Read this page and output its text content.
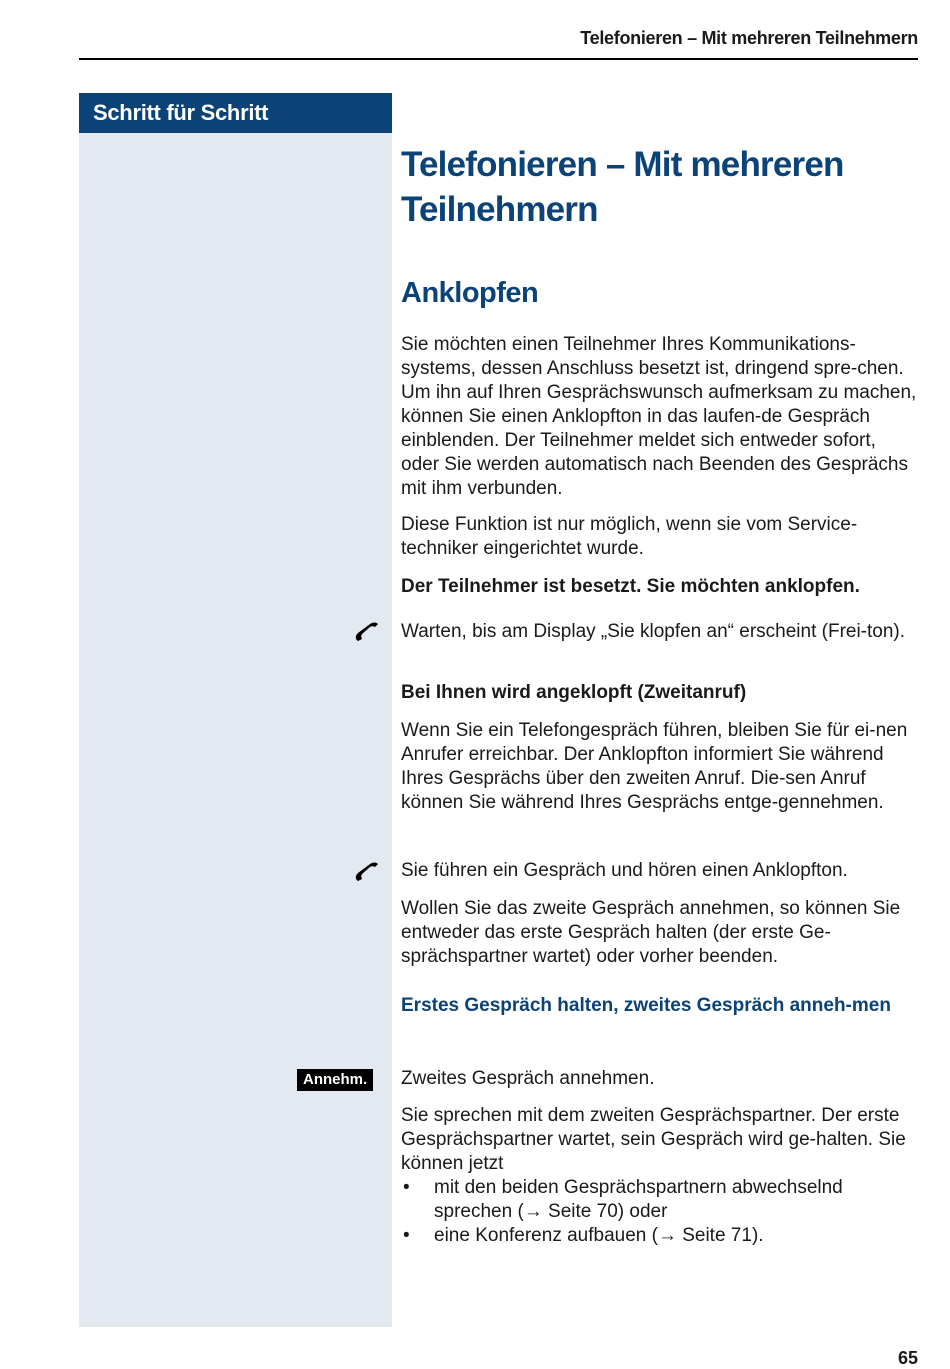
Telefonieren – Mit mehreren Teilnehmern
Schritt für Schritt
Telefonieren – Mit mehreren
Teilnehmern
Anklopfen

Sie möchten einen Teilnehmer Ihres Kommunikations-systems, dessen Anschluss besetzt ist, dringend spre-chen. Um ihn auf Ihren Gesprächswunsch aufmerksam zu machen, können Sie einen Anklopfton in das laufen-de Gespräch einblenden. Der Teilnehmer meldet sich entweder sofort, oder Sie werden automatisch nach Beenden des Gesprächs mit ihm verbunden.

Diese Funktion ist nur möglich, wenn sie vom Service-techniker eingerichtet wurde.

Der Teilnehmer ist besetzt. Sie möchten anklopfen.

Warten, bis am Display „Sie klopfen an“ erscheint (Frei-ton).

Bei Ihnen wird angeklopft (Zweitanruf)

Wenn Sie ein Telefongespräch führen, bleiben Sie für ei-nen Anrufer erreichbar. Der Anklopfton informiert Sie während Ihres Gesprächs über den zweiten Anruf. Die-sen Anruf können Sie während Ihres Gesprächs entge-gennehmen.

Sie führen ein Gespräch und hören einen Anklopfton.

Wollen Sie das zweite Gespräch annehmen, so können Sie entweder das erste Gespräch halten (der erste Ge-sprächspartner wartet) oder vorher beenden.

Erstes Gespräch halten, zweites Gespräch anneh-men

Annehm.	Zweites Gespräch annehmen.

Sie sprechen mit dem zweiten Gesprächspartner. Der erste Gesprächspartner wartet, sein Gespräch wird ge-halten. Sie können jetzt

• mit den beiden Gesprächspartnern abwechselnd sprechen (→ Seite 70) oder
• eine Konferenz aufbauen (→ Seite 71).
65
